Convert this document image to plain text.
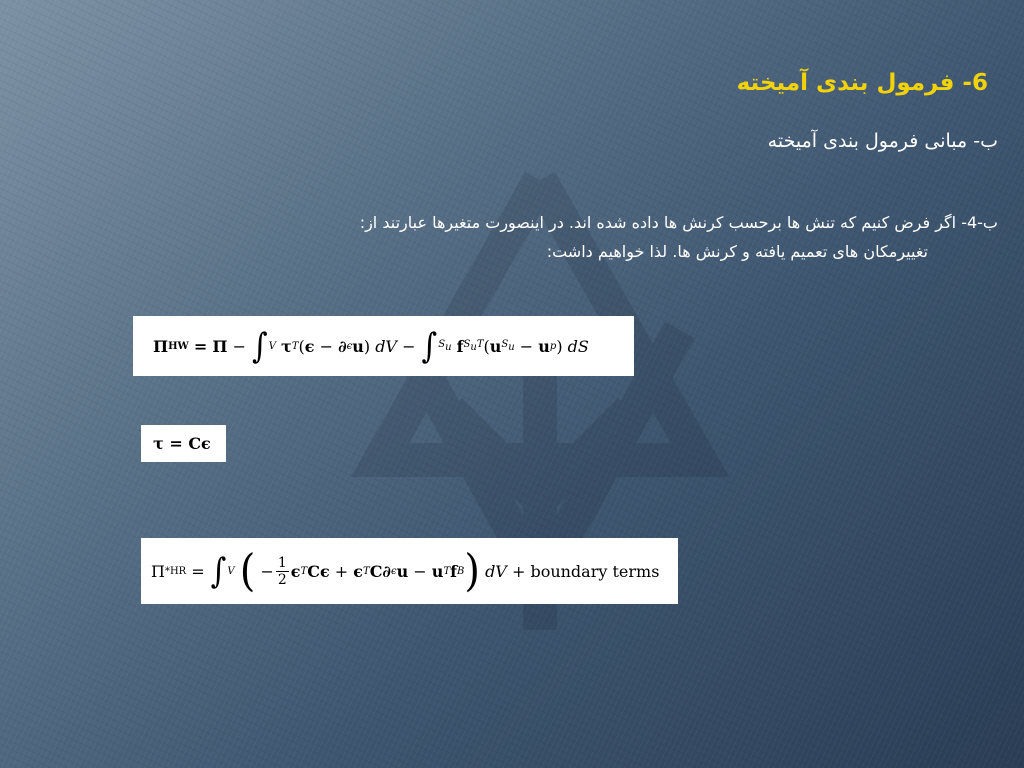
6- فرمول بندی آمیخته
ب- مبانی فرمول بندی آمیخته
ب-4- اگر فرض کنیم که تنش ها برحسب کرنش ها داده شده اند. در اینصورت متغیرها عبارتند از:

تغییرمکان های تعمیم یافته و کرنش ها. لذا خواهیم داشت:
Π HW
=
Π − ∫ V
τ T ( ϵ − ∂ ϵ u ) dV − ∫ $S_u$
f $S_uT$ ( u $S_u - u$ p ) dS
τ = Cϵ
Π * HR = ∫ V
( − $\frac{1}{2}$ ϵ T Cϵ + ϵ T C∂ ϵ u − u T f B )
dV
+ boundary terms
